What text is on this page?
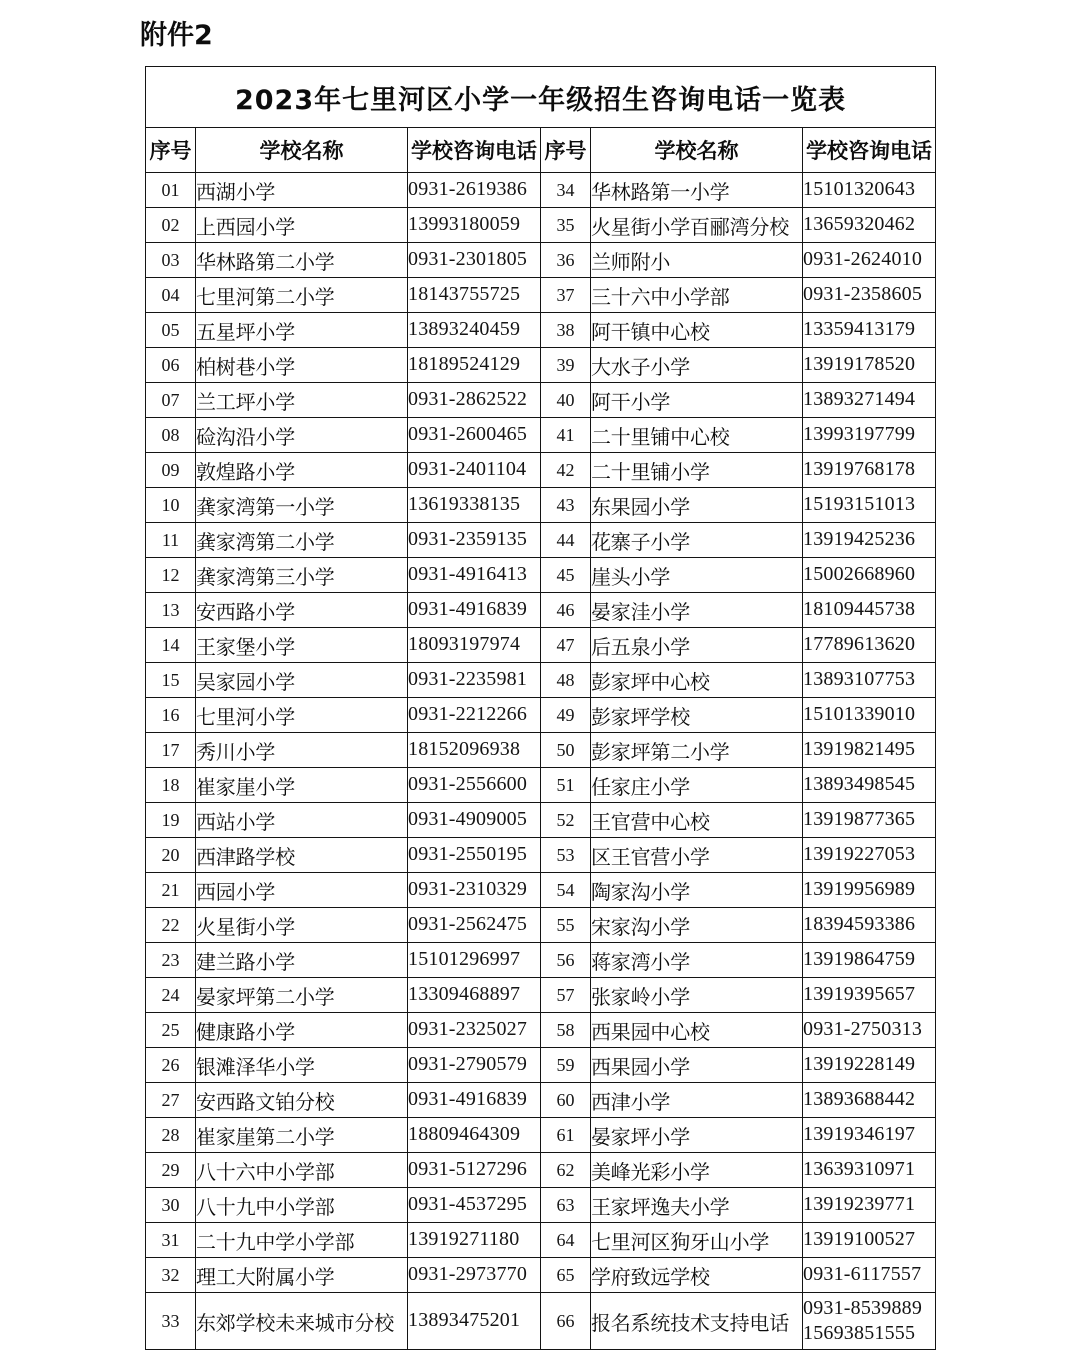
附件2
2023年七里河区小学一年级招生咨询电话一览表					
序号	学校名称	学校咨询电话	序号	学校名称	学校咨询电话
01	西湖小学	0931-2619386	34	华林路第一小学	15101320643

02	上西园小学	13993180059	35	火星街小学百郦湾分校	13659320462

03	华林路第二小学	0931-2301805	36	兰师附小	0931-2624010

04	七里河第二小学	18143755725	37	三十六中小学部	0931-2358605

05	五星坪小学	13893240459	38	阿干镇中心校	13359413179

06	柏树巷小学	18189524129	39	大水子小学	13919178520

07	兰工坪小学	0931-2862522	40	阿干小学	13893271494

08	硷沟沿小学	0931-2600465	41	二十里铺中心校	13993197799

09	敦煌路小学	0931-2401104	42	二十里铺小学	13919768178

10	龚家湾第一小学	13619338135	43	东果园小学	15193151013

11	龚家湾第二小学	0931-2359135	44	花寨子小学	13919425236

12	龚家湾第三小学	0931-4916413	45	崖头小学	15002668960

13	安西路小学	0931-4916839	46	晏家洼小学	18109445738

14	王家堡小学	18093197974	47	后五泉小学	17789613620

15	吴家园小学	0931-2235981	48	彭家坪中心校	13893107753

16	七里河小学	0931-2212266	49	彭家坪学校	15101339010

17	秀川小学	18152096938	50	彭家坪第二小学	13919821495

18	崔家崖小学	0931-2556600	51	任家庄小学	13893498545

19	西站小学	0931-4909005	52	王官营中心校	13919877365

20	西津路学校	0931-2550195	53	区王官营小学	13919227053

21	西园小学	0931-2310329	54	陶家沟小学	13919956989

22	火星街小学	0931-2562475	55	宋家沟小学	18394593386

23	建兰路小学	15101296997	56	蒋家湾小学	13919864759

24	晏家坪第二小学	13309468897	57	张家岭小学	13919395657

25	健康路小学	0931-2325027	58	西果园中心校	0931-2750313

26	银滩泽华小学	0931-2790579	59	西果园小学	13919228149

27	安西路文铂分校	0931-4916839	60	西津小学	13893688442

28	崔家崖第二小学	18809464309	61	晏家坪小学	13919346197

29	八十六中小学部	0931-5127296	62	美峰光彩小学	13639310971

30	八十九中小学部	0931-4537295	63	王家坪逸夫小学	13919239771

31	二十九中学小学部	13919271180	64	七里河区狗牙山小学	13919100527

32	理工大附属小学	0931-2973770	65	学府致远学校	0931-6117557

33	东郊学校未来城市分校	13893475201	66	报名系统技术支持电话	0931-8539889
15693851555
